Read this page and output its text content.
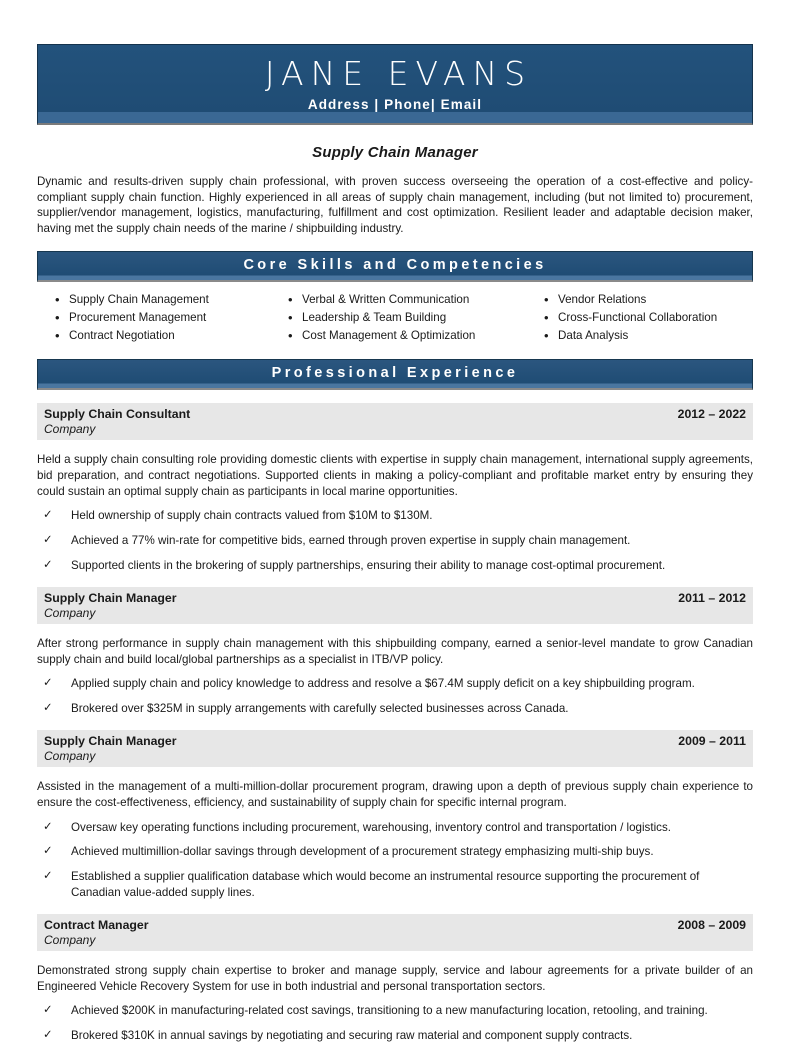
JANE EVANS
Address | Phone| Email
Supply Chain Manager
Dynamic and results-driven supply chain professional, with proven success overseeing the operation of a cost-effective and policy-compliant supply chain function. Highly experienced in all areas of supply chain management, including (but not limited to) procurement, supplier/vendor management, logistics, manufacturing, fulfillment and cost optimization. Resilient leader and adaptable decision maker, having met the supply chain needs of the marine / shipbuilding industry.
Core Skills and Competencies
• Supply Chain Management
• Procurement Management
• Contract Negotiation
• Verbal & Written Communication
• Leadership & Team Building
• Cost Management & Optimization
• Vendor Relations
• Cross-Functional Collaboration
• Data Analysis
Professional Experience
Supply Chain Consultant	2012 – 2022
Company
Held a supply chain consulting role providing domestic clients with expertise in supply chain management, international supply agreements, bid preparation, and contract negotiations. Supported clients in making a policy-compliant and profitable market entry by ensuring they could sustain an optimal supply chain as participants in local marine opportunities.
✓	Held ownership of supply chain contracts valued from $10M to $130M.
✓	Achieved a 77% win-rate for competitive bids, earned through proven expertise in supply chain management.
✓	Supported clients in the brokering of supply partnerships, ensuring their ability to manage cost-optimal procurement.
Supply Chain Manager	2011 – 2012
Company
After strong performance in supply chain management with this shipbuilding company, earned a senior-level mandate to grow Canadian supply chain and build local/global partnerships as a specialist in ITB/VP policy.
✓	Applied supply chain and policy knowledge to address and resolve a $67.4M supply deficit on a key shipbuilding program.
✓	Brokered over $325M in supply arrangements with carefully selected businesses across Canada.
Supply Chain Manager	2009 – 2011
Company
Assisted in the management of a multi-million-dollar procurement program, drawing upon a depth of previous supply chain experience to ensure the cost-effectiveness, efficiency, and sustainability of supply chain for specific internal program.
✓	Oversaw key operating functions including procurement, warehousing, inventory control and transportation / logistics.
✓	Achieved multimillion-dollar savings through development of a procurement strategy emphasizing multi-ship buys.
✓	Established a supplier qualification database which would become an instrumental resource supporting the procurement of Canadian value-added supply lines.
Contract Manager	2008 – 2009
Company
Demonstrated strong supply chain expertise to broker and manage supply, service and labour agreements for a private builder of an Engineered Vehicle Recovery System for use in both industrial and personal transportation sectors.
✓	Achieved $200K in manufacturing-related cost savings, transitioning to a new manufacturing location, retooling, and training.
✓	Brokered $310K in annual savings by negotiating and securing raw material and component supply contracts.
